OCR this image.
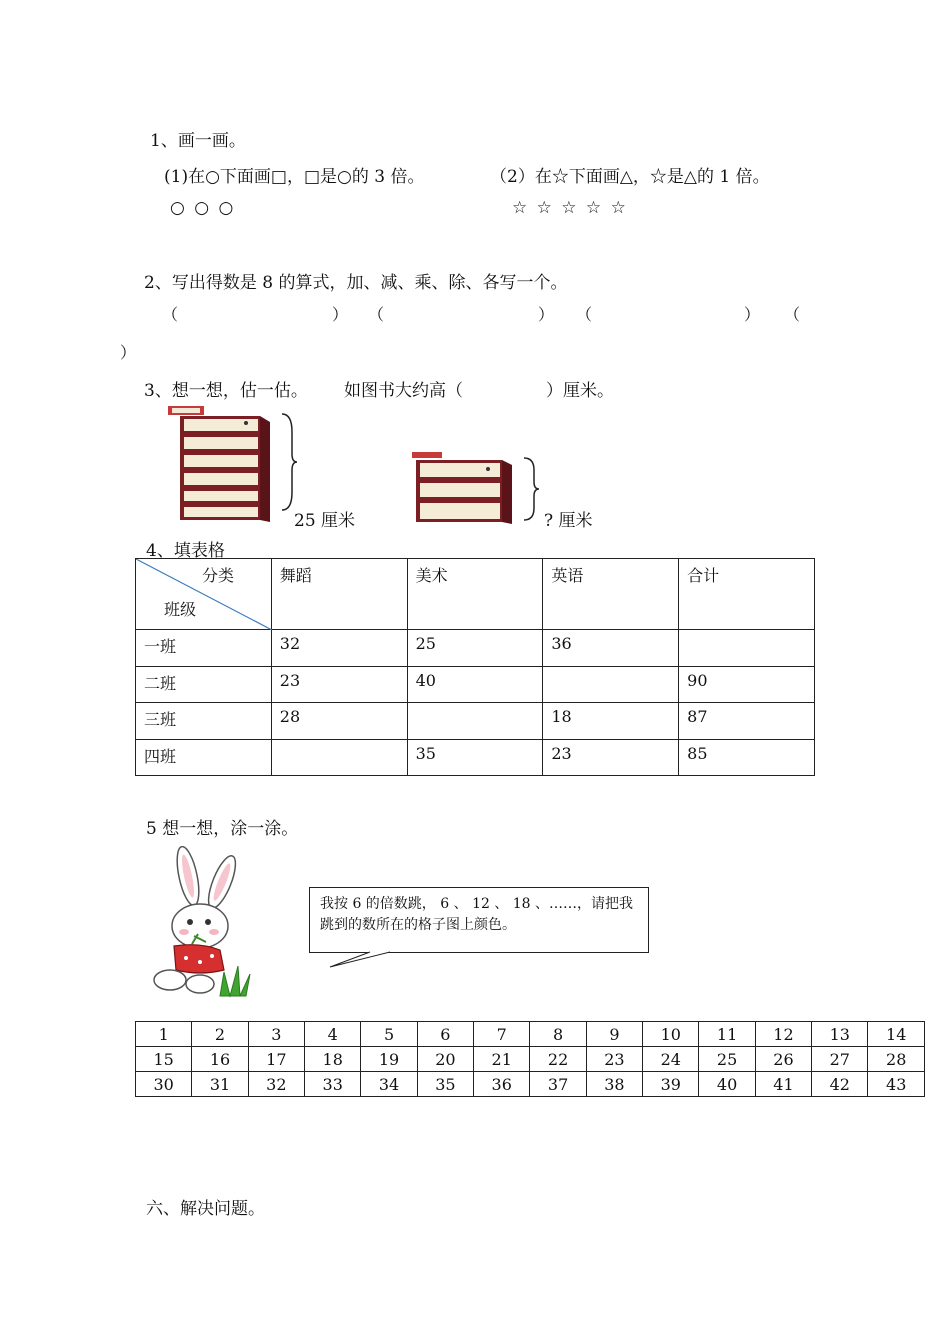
1、画一画。
(1)在○下面画□，□是○的 3 倍。	（2）在☆下面画△，☆是△的 1 倍。
○ ○ ○	☆ ☆ ☆ ☆ ☆
2、写出得数是 8 的算式，加、减、乘、除、各写一个。
（	） （	） （	） （
）
3、想一想，估一估。 如图书大约高（	）厘米。
25 厘米	? 厘米
4、填表格
分类
班级	舞蹈	美术	英语	合计
一班	32	25	36	
二班	23	40		90
三班	28		18	87
四班		35	23	85
5 想一想，涂一涂。
我按 6 的倍数跳， 6 、 12 、 18 、……，请把我跳到的数所在的格子图上颜色。
1	2	3	4	5	6	7	8	9	10	11	12	13	14
15	16	17	18	19	20	21	22	23	24	25	26	27	28
30	31	32	33	34	35	36	37	38	39	40	41	42	43
六、解决问题。
